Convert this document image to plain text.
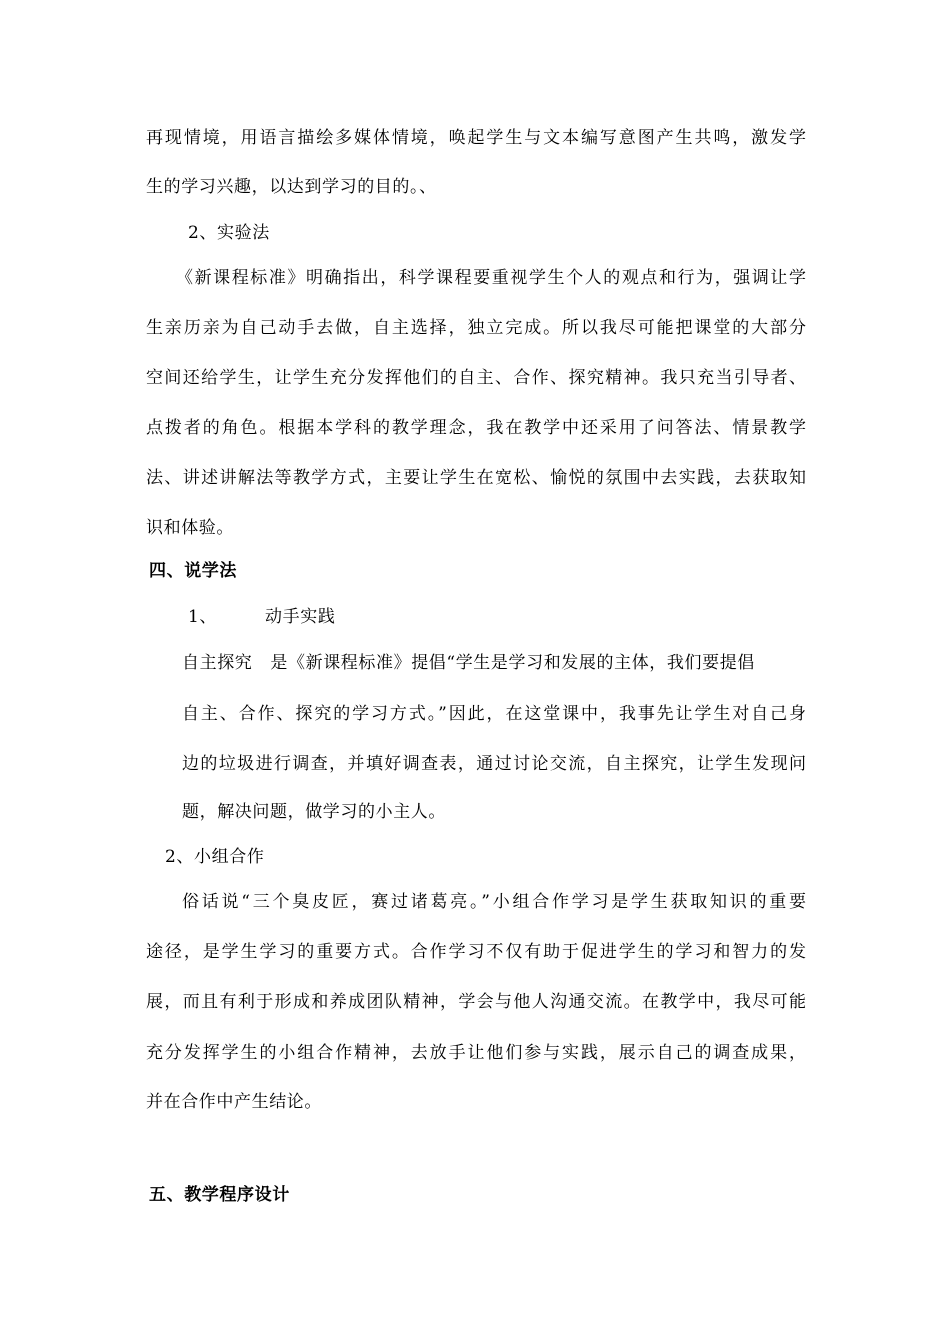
再现情境，用语言描绘多媒体情境，唤起学生与文本编写意图产生共鸣，激发学
生的学习兴趣，以达到学习的目的。、
2、实验法
《新课程标准》明确指出，科学课程要重视学生个人的观点和行为，强调让学
生亲历亲为自己动手去做，自主选择，独立完成。所以我尽可能把课堂的大部分
空间还给学生，让学生充分发挥他们的自主、合作、探究精神。我只充当引导者、
点拨者的角色。根据本学科的教学理念，我在教学中还采用了问答法、情景教学
法、讲述讲解法等教学方式，主要让学生在宽松、愉悦的氛围中去实践，去获取知
识和体验。
四、说学法
1、	动手实践
自主探究 是《新课程标准》提倡“学生是学习和发展的主体，我们要提倡
自主、合作、探究的学习方式。”因此，在这堂课中，我事先让学生对自己身
边的垃圾进行调查，并填好调查表，通过讨论交流，自主探究，让学生发现问
题，解决问题，做学习的小主人。
2、小组合作
俗话说“三个臭皮匠，赛过诸葛亮。”小组合作学习是学生获取知识的重要
途径，是学生学习的重要方式。合作学习不仅有助于促进学生的学习和智力的发
展，而且有利于形成和养成团队精神，学会与他人沟通交流。在教学中，我尽可能
充分发挥学生的小组合作精神，去放手让他们参与实践，展示自己的调查成果，
并在合作中产生结论。
五、教学程序设计
